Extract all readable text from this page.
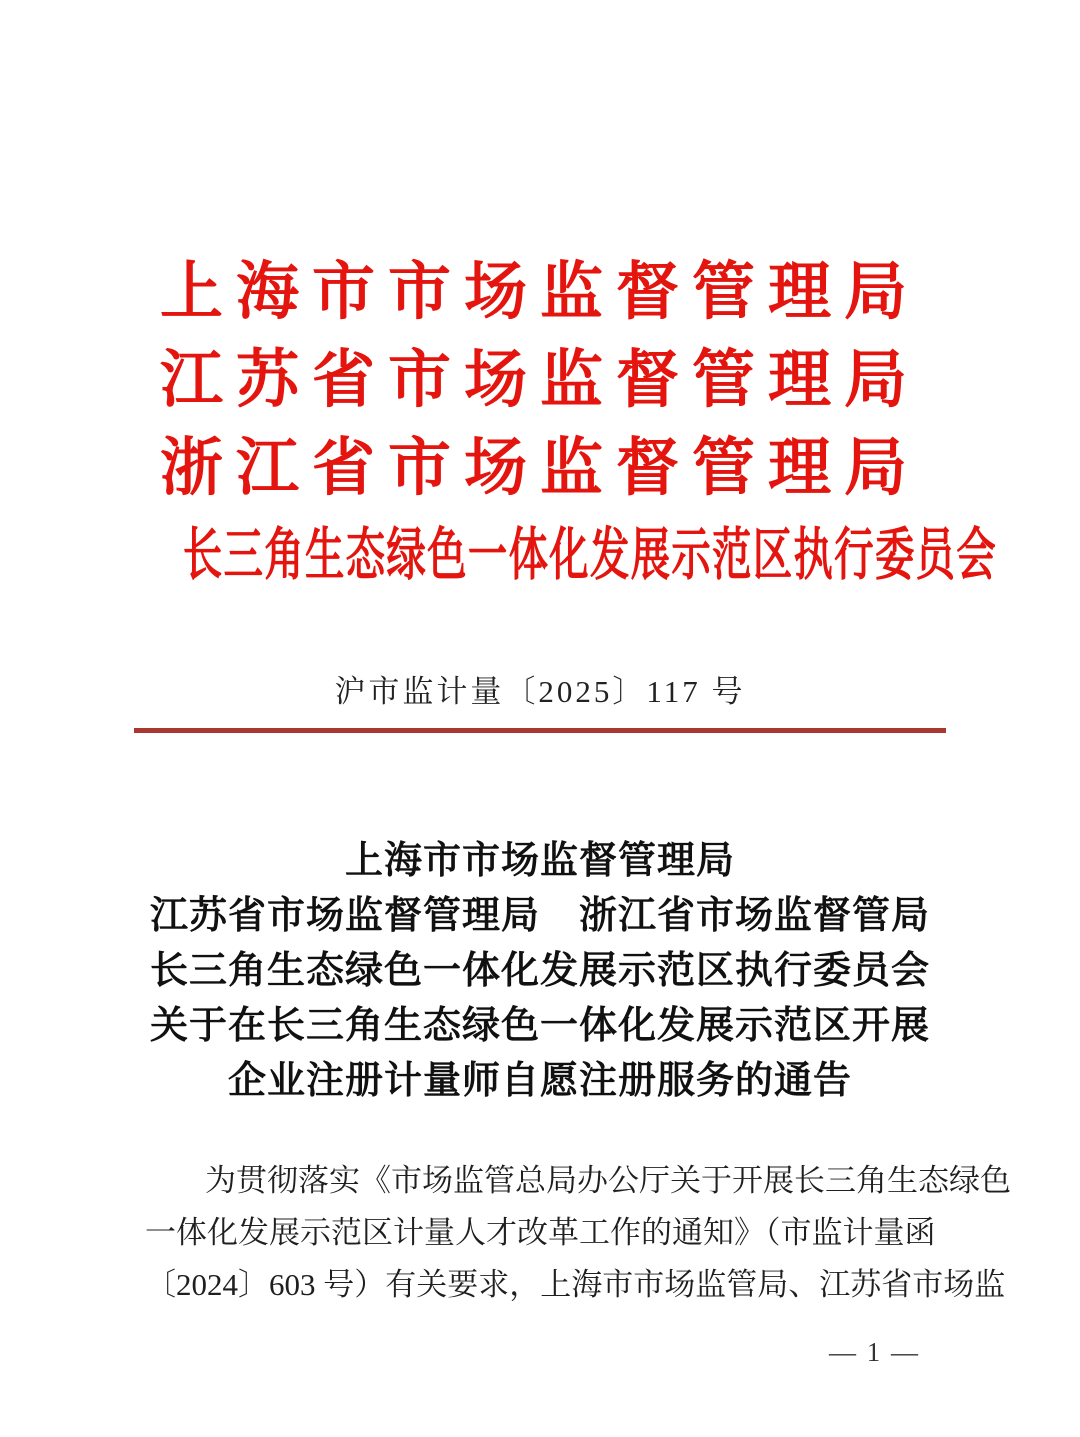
上海市市场监督管理局
江苏省市场监督管理局
浙江省市场监督管理局
长三角生态绿色一体化发展示范区执行委员会
沪市监计量〔2025〕117 号
上海市市场监督管理局
江苏省市场监督管理局　浙江省市场监督管局
长三角生态绿色一体化发展示范区执行委员会
关于在长三角生态绿色一体化发展示范区开展
企业注册计量师自愿注册服务的通告
为贯彻落实《市场监管总局办公厅关于开展长三角生态绿色
一体化发展示范区计量人才改革工作的通知》（市监计量函
〔2024〕603 号）有关要求，上海市市场监管局、江苏省市场监
— 1 —
